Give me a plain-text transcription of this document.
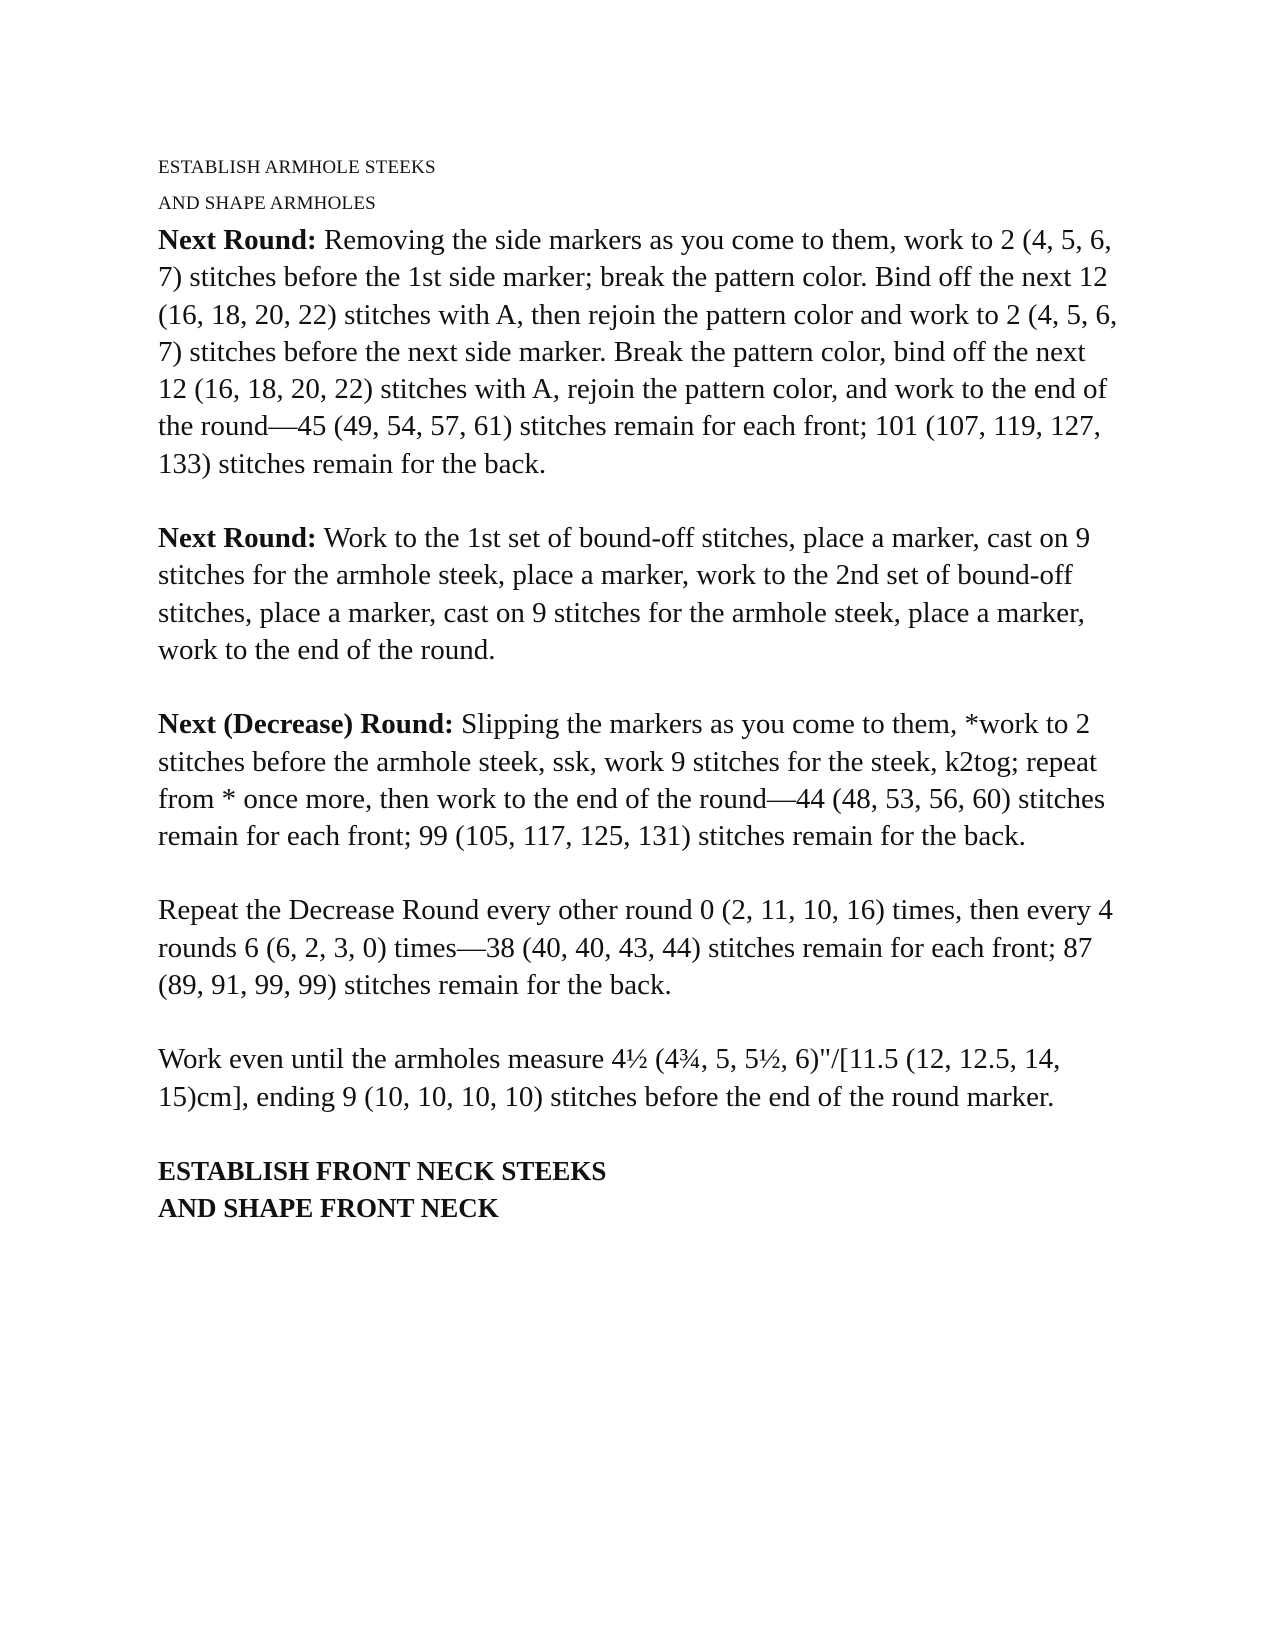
ESTABLISH ARMHOLE STEEKS

AND SHAPE ARMHOLES

Next Round: Removing the side markers as you come to them, work to 2 (4, 5, 6, 7) stitches before the 1st side marker; break the pattern color. Bind off the next 12 (16, 18, 20, 22) stitches with A, then rejoin the pattern color and work to 2 (4, 5, 6, 7) stitches before the next side marker. Break the pattern color, bind off the next 12 (16, 18, 20, 22) stitches with A, rejoin the pattern color, and work to the end of the round—45 (49, 54, 57, 61) stitches remain for each front; 101 (107, 119, 127, 133) stitches remain for the back.

Next Round: Work to the 1st set of bound-off stitches, place a marker, cast on 9 stitches for the armhole steek, place a marker, work to the 2nd set of bound-off stitches, place a marker, cast on 9 stitches for the armhole steek, place a marker, work to the end of the round.

Next (Decrease) Round: Slipping the markers as you come to them, *work to 2 stitches before the armhole steek, ssk, work 9 stitches for the steek, k2tog; repeat from * once more, then work to the end of the round—44 (48, 53, 56, 60) stitches remain for each front; 99 (105, 117, 125, 131) stitches remain for the back.

Repeat the Decrease Round every other round 0 (2, 11, 10, 16) times, then every 4 rounds 6 (6, 2, 3, 0) times—38 (40, 40, 43, 44) stitches remain for each front; 87 (89, 91, 99, 99) stitches remain for the back.

Work even until the armholes measure 4½ (4¾, 5, 5½, 6)"/[11.5 (12, 12.5, 14, 15)cm], ending 9 (10, 10, 10, 10) stitches before the end of the round marker.

ESTABLISH FRONT NECK STEEKS

AND SHAPE FRONT NECK
